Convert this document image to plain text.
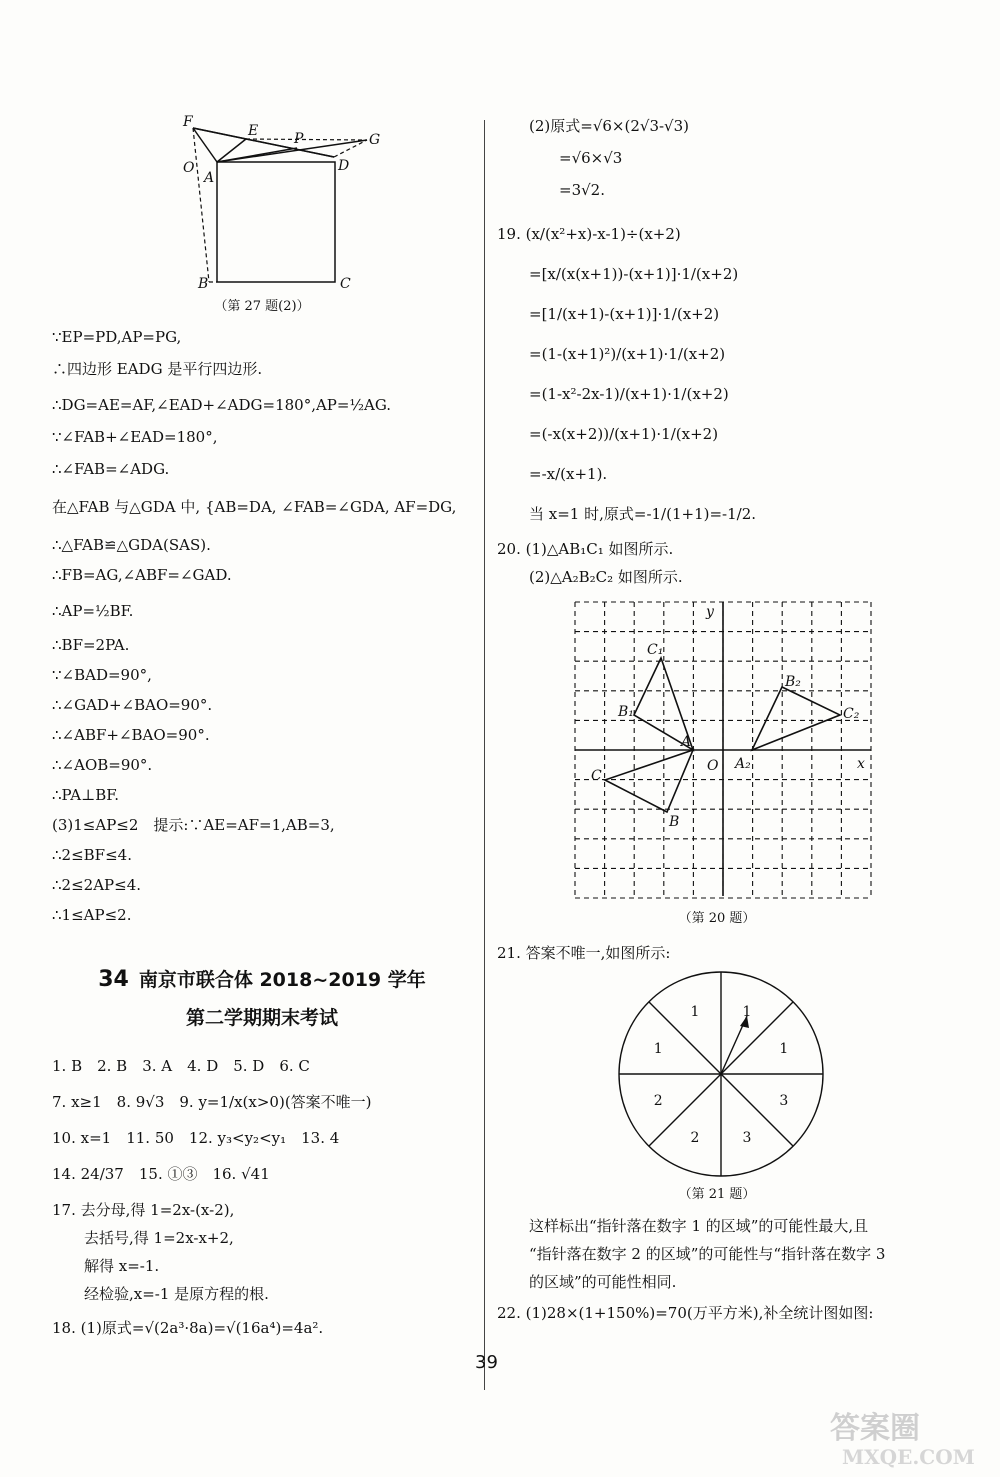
F
E	P	G
O
A
D
B	C
（第 27 题(2)）
∵EP=PD,AP=PG,
∴四边形 EADG 是平行四边形.
∴DG=AE=AF,∠EAD+∠ADG=180°,AP=½AG.
∵∠FAB+∠EAD=180°,
∴∠FAB=∠ADG.
在△FAB 与△GDA 中, {AB=DA, ∠FAB=∠GDA, AF=DG,
∴△FAB≌△GDA(SAS).
∴FB=AG,∠ABF=∠GAD.
∴AP=½BF.
∴BF=2PA.
∵∠BAD=90°,
∴∠GAD+∠BAO=90°.
∴∠ABF+∠BAO=90°.
∴∠AOB=90°.
∴PA⊥BF.
(3)1≤AP≤2　提示:∵AE=AF=1,AB=3,
∴2≤BF≤4.
∴2≤2AP≤4.
∴1≤AP≤2.
34 南京市联合体 2018~2019 学年
第二学期期末考试
1. B　2. B　3. A　4. D　5. D　6. C
7. x≥1　8. 9√3　9. y=1/x(x>0)(答案不唯一)
10. x=1　11. 50　12. y₃<y₂<y₁　13. 4
14. 24/37　15. ①③　16. √41
17. 去分母,得 1=2x-(x-2),
去括号,得 1=2x-x+2,
解得 x=-1.
经检验,x=-1 是原方程的根.
18. (1)原式=√(2a³·8a)=√(16a⁴)=4a².
(2)原式=√6×(2√3-√3)
=√6×√3
=3√2.
19. (x/(x²+x)-x-1)÷(x+2)
=[x/(x(x+1))-(x+1)]·1/(x+2)
=[1/(x+1)-(x+1)]·1/(x+2)
=(1-(x+1)²)/(x+1)·1/(x+2)
=(1-x²-2x-1)/(x+1)·1/(x+2)
=(-x(x+2))/(x+1)·1/(x+2)
=-x/(x+1).
当 x=1 时,原式=-1/(1+1)=-1/2.
20. (1)△AB₁C₁ 如图所示.
(2)△A₂B₂C₂ 如图所示.
y
x
O
C₁
B₁
A
C
B
B₂
C₂
A₂
（第 20 题）
21. 答案不唯一,如图所示:
1	1
1
3
3
2
2
1
（第 21 题）
这样标出“指针落在数字 1 的区域”的可能性最大,且
“指针落在数字 2 的区域”的可能性与“指针落在数字 3
的区域”的可能性相同.
22. (1)28×(1+150%)=70(万平方米),补全统计图如图:
39
答案圈
MXQE.COM
